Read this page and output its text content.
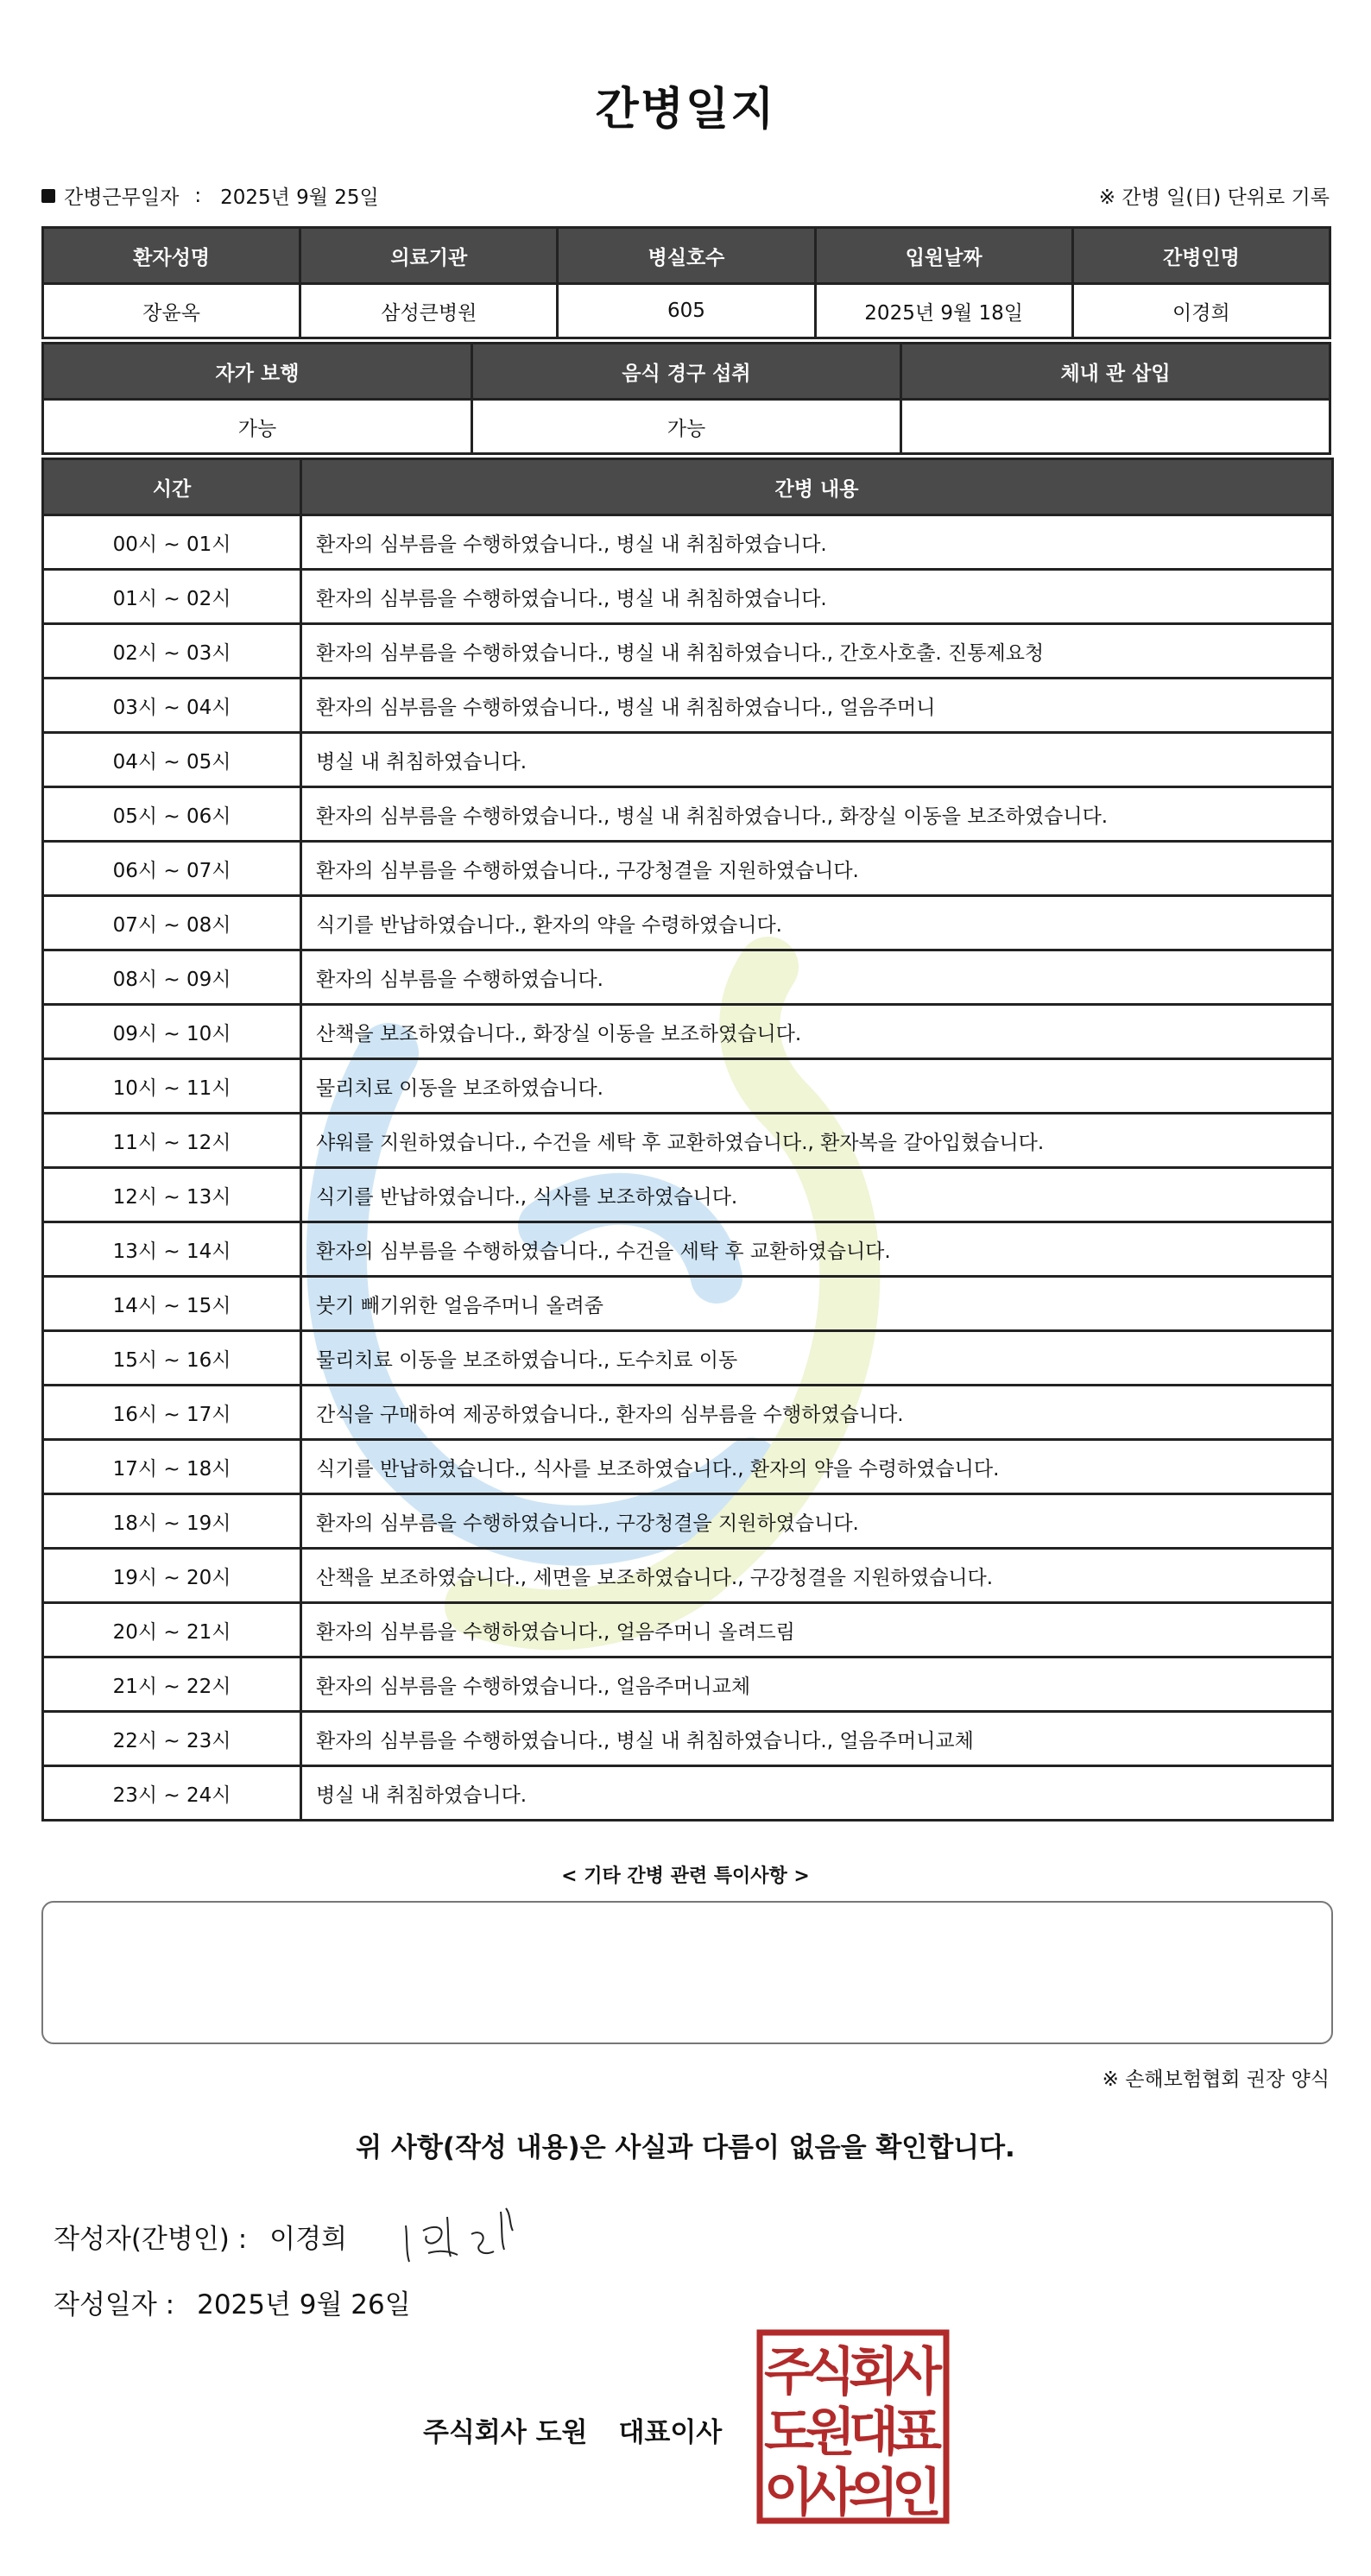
간병일지
간병근무일자 : 2025년 9월 25일	※ 간병 일(日) 단위로 기록
환자성명	의료기관	병실호수	입원날짜	간병인명
장윤옥	삼성큰병원	605	2025년 9월 18일	이경희
자가 보행	음식 경구 섭취	체내 관 삽입
가능	가능	
시간	간병 내용
00시 ~ 01시	환자의 심부름을 수행하였습니다., 병실 내 취침하였습니다.
01시 ~ 02시	환자의 심부름을 수행하였습니다., 병실 내 취침하였습니다.
02시 ~ 03시	환자의 심부름을 수행하였습니다., 병실 내 취침하였습니다., 간호사호출. 진통제요청
03시 ~ 04시	환자의 심부름을 수행하였습니다., 병실 내 취침하였습니다., 얼음주머니
04시 ~ 05시	병실 내 취침하였습니다.
05시 ~ 06시	환자의 심부름을 수행하였습니다., 병실 내 취침하였습니다., 화장실 이동을 보조하였습니다.
06시 ~ 07시	환자의 심부름을 수행하였습니다., 구강청결을 지원하였습니다.
07시 ~ 08시	식기를 반납하였습니다., 환자의 약을 수령하였습니다.
08시 ~ 09시	환자의 심부름을 수행하였습니다.
09시 ~ 10시	산책을 보조하였습니다., 화장실 이동을 보조하였습니다.
10시 ~ 11시	물리치료 이동을 보조하였습니다.
11시 ~ 12시	샤워를 지원하였습니다., 수건을 세탁 후 교환하였습니다., 환자복을 갈아입혔습니다.
12시 ~ 13시	식기를 반납하였습니다., 식사를 보조하였습니다.
13시 ~ 14시	환자의 심부름을 수행하였습니다., 수건을 세탁 후 교환하였습니다.
14시 ~ 15시	붓기 빼기위한 얼음주머니 올려줌
15시 ~ 16시	물리치료 이동을 보조하였습니다., 도수치료 이동
16시 ~ 17시	간식을 구매하여 제공하였습니다., 환자의 심부름을 수행하였습니다.
17시 ~ 18시	식기를 반납하였습니다., 식사를 보조하였습니다., 환자의 약을 수령하였습니다.
18시 ~ 19시	환자의 심부름을 수행하였습니다., 구강청결을 지원하였습니다.
19시 ~ 20시	산책을 보조하였습니다., 세면을 보조하였습니다., 구강청결을 지원하였습니다.
20시 ~ 21시	환자의 심부름을 수행하였습니다., 얼음주머니 올려드림
21시 ~ 22시	환자의 심부름을 수행하였습니다., 얼음주머니교체
22시 ~ 23시	환자의 심부름을 수행하였습니다., 병실 내 취침하였습니다., 얼음주머니교체
23시 ~ 24시	병실 내 취침하였습니다.
< 기타 간병 관련 특이사항 >
※ 손해보험협회 권장 양식
위 사항(작성 내용)은 사실과 다름이 없음을 확인합니다.
작성자(간병인) : 이경희
작성일자 : 2025년 9월 26일
주식회사 도원 대표이사
주
식
회
사
도
원
대
표
이
사
의
인
